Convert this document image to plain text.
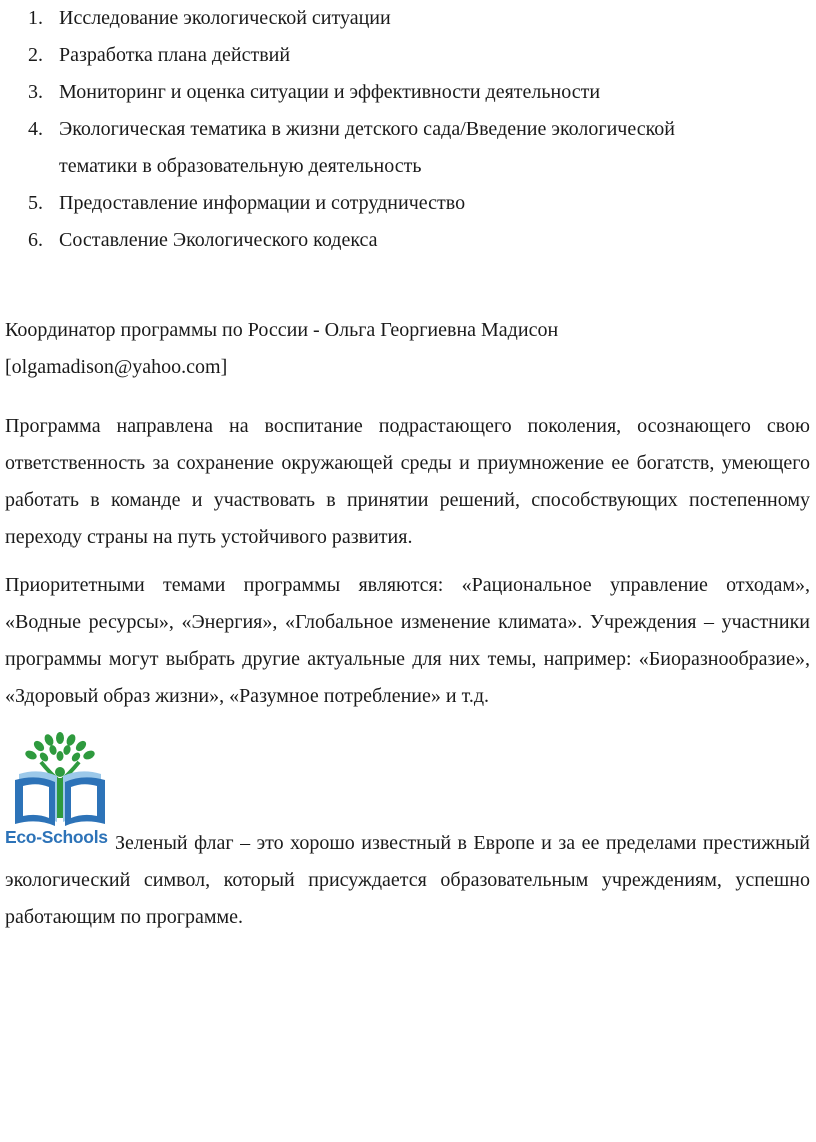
1. Исследование экологической ситуации
2. Разработка плана действий
3. Мониторинг и оценка ситуации и эффективности деятельности
4. Экологическая тематика в жизни детского сада/Введение экологической тематики в образовательную деятельность
5. Предоставление информации и сотрудничество
6. Составление Экологического кодекса
Координатор программы по России - Ольга Георгиевна Мадисон
[olgamadison@yahoo.com]

Программа направлена на воспитание подрастающего поколения, осознающего свою ответственность за сохранение окружающей среды и приумножение ее богатств, умеющего работать в команде и участвовать в принятии решений, способствующих постепенному переходу страны на путь устойчивого развития.

Приоритетными темами программы являются: «Рациональное управление отходам», «Водные ресурсы», «Энергия», «Глобальное изменение климата». Учреждения – участники программы могут выбрать другие актуальные для них темы, например: «Биоразнообразие», «Здоровый образ жизни», «Разумное потребление» и т.д.

Eco-Schools Зеленый флаг – это хорошо известный в Европе и за ее пределами престижный экологический символ, который присуждается образовательным учреждениям, успешно работающим по программе.
